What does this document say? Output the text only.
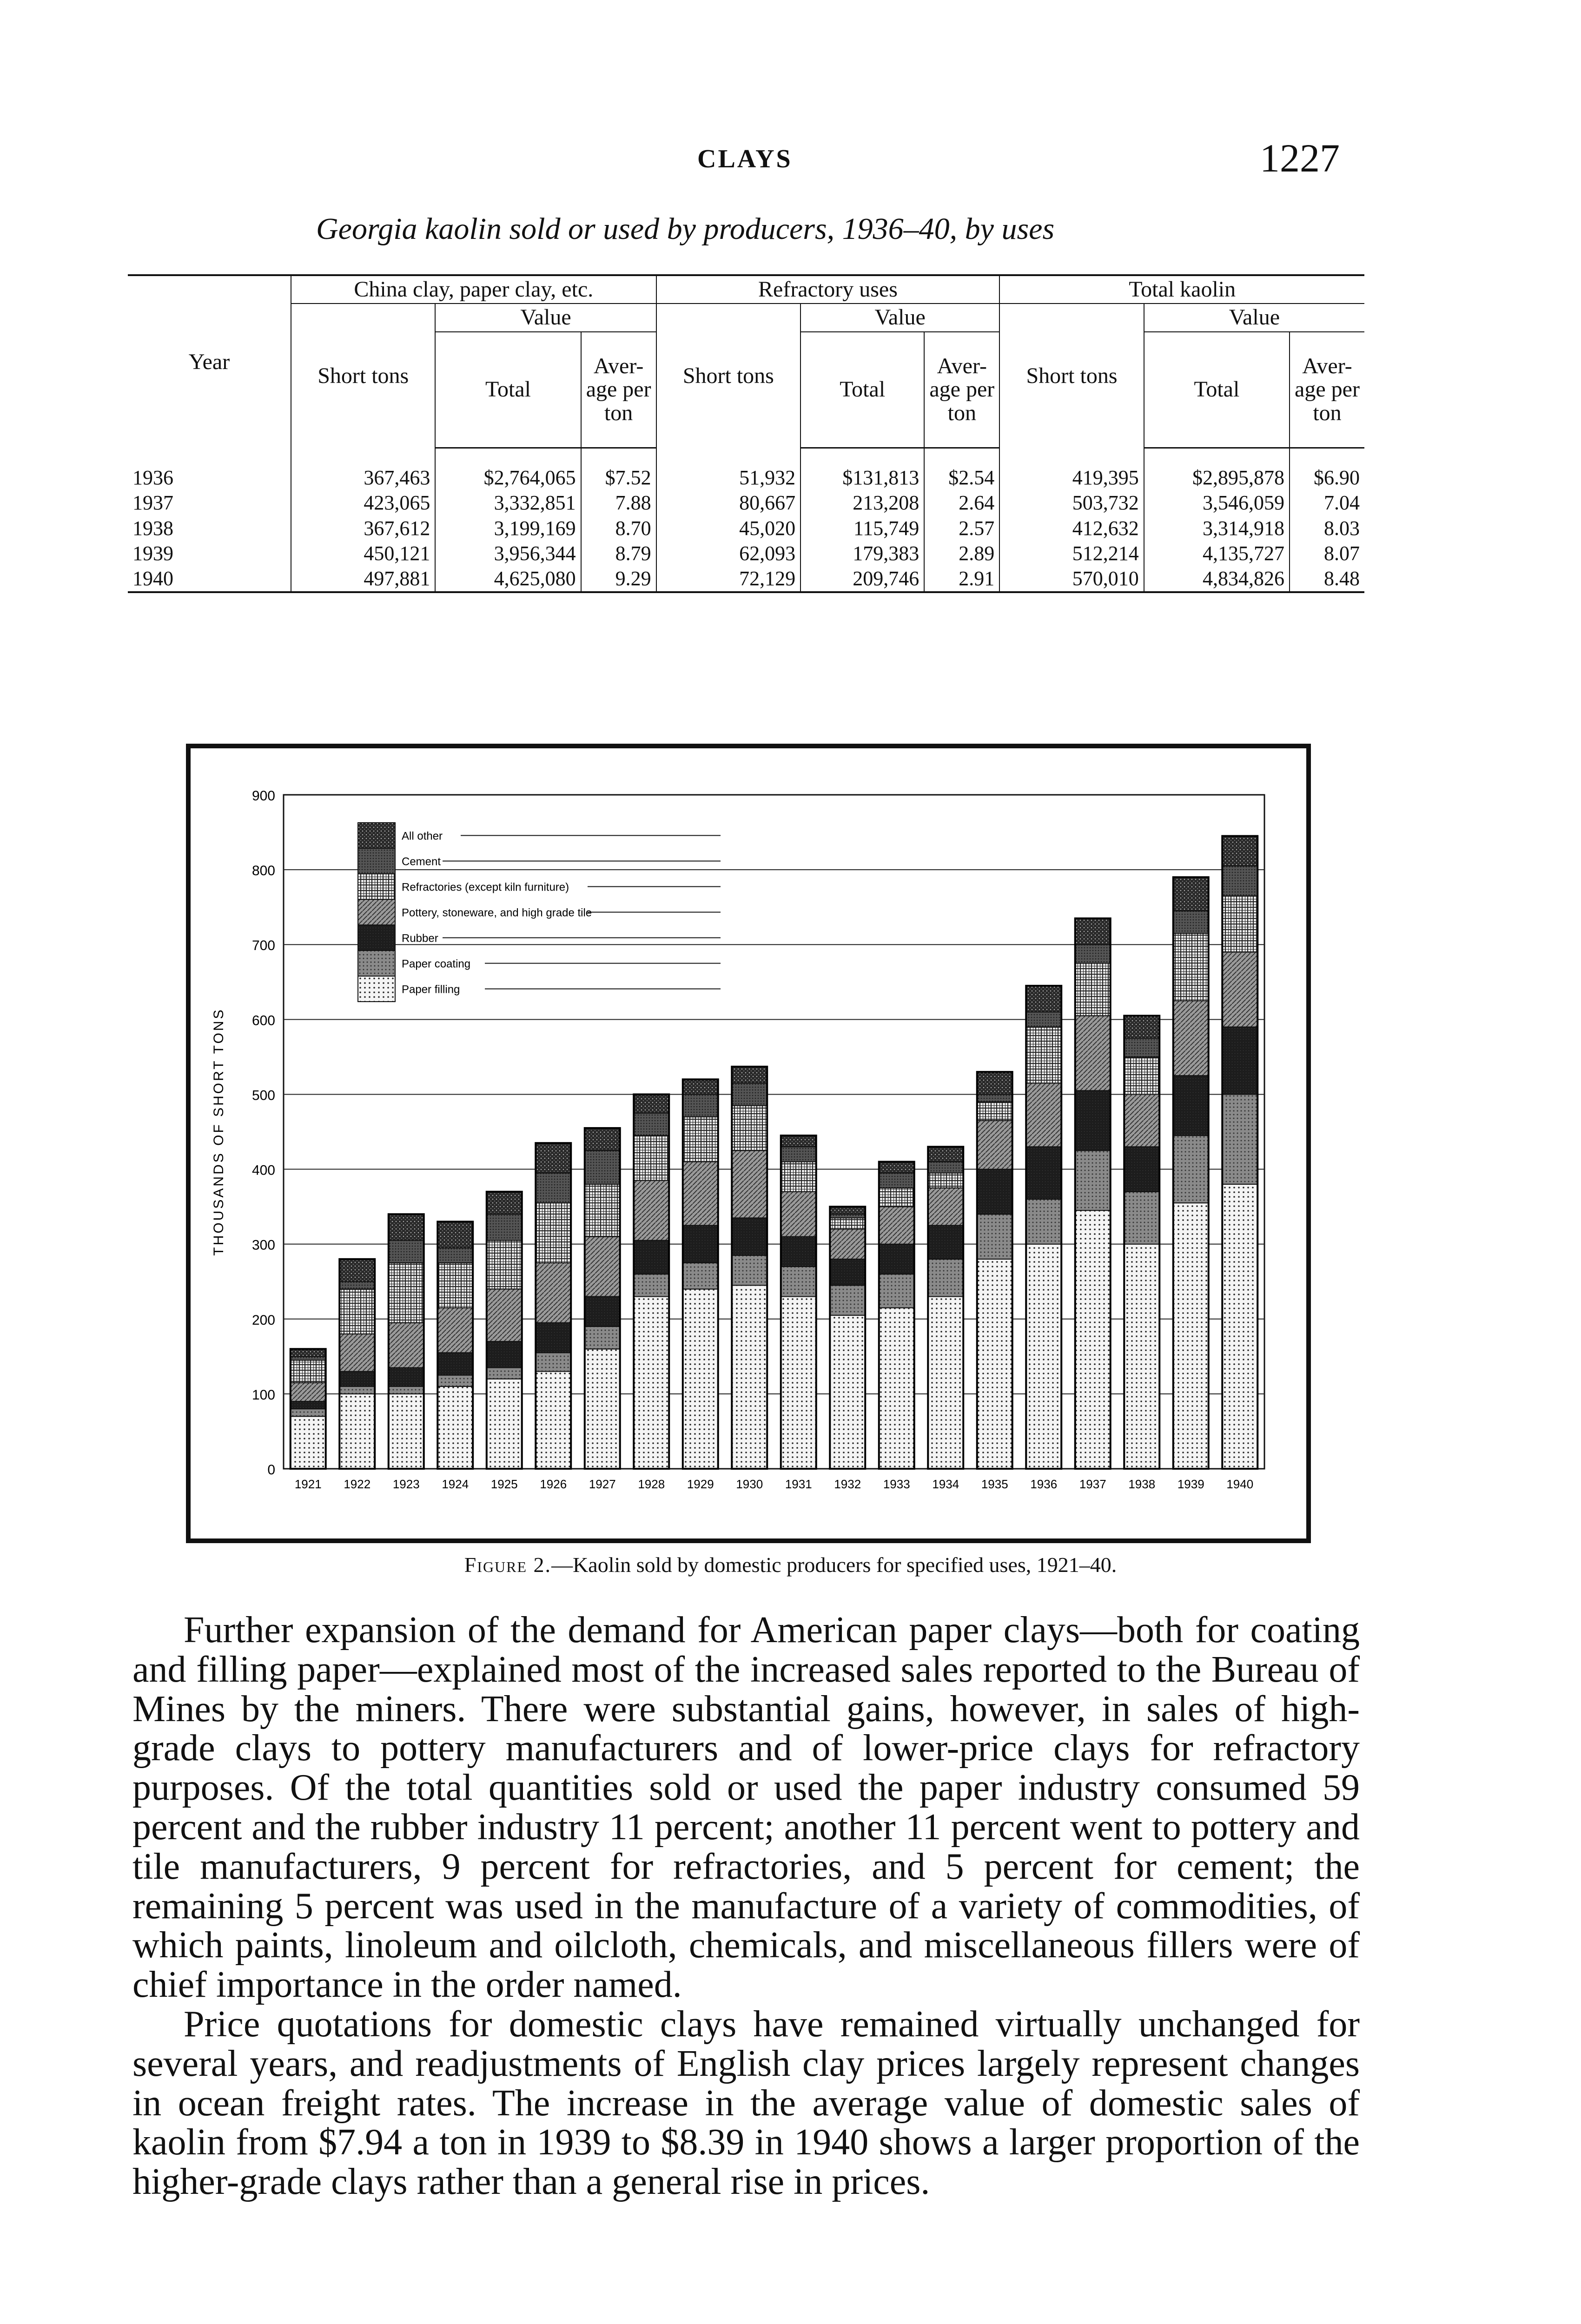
CLAYS	1227
Georgia kaolin sold or used by producers, 1936–40, by uses
Year	China clay, paper clay, etc.			Refractory uses			Total kaolin		
	Short tons	Value		Short tons	Value		Short tons	Value	
		Total	Aver- age per ton		Total	Aver- age per ton		Total	Aver- age per ton
1936	367,463	$2,764,065	$7.52	51,932	$131,813	$2.54	419,395	$2,895,878	$6.90
1937	423,065	3,332,851	7.88	80,667	213,208	2.64	503,732	3,546,059	7.04
1938	367,612	3,199,169	8.70	45,020	115,749	2.57	412,632	3,314,918	8.03
1939	450,121	3,956,344	8.79	62,093	179,383	2.89	512,214	4,135,727	8.07
1940	497,881	4,625,080	9.29	72,129	209,746	2.91	570,010	4,834,826	8.48
0
100
200
300
400
500
600
700
800
900
THOUSANDS OF SHORT TONS
1921 1922 1923 1924 1925 1926 1927 1928 1929 1930 1931 1932 1933 1934 1935 1936 1937 1938 1939 1940
All other
Cement
Refractories (except kiln furniture)
Pottery, stoneware, and high grade tile
Rubber
Paper coating
Paper filling
Figure 2.—Kaolin sold by domestic producers for specified uses, 1921–40.

Further expansion of the demand for American paper clays—both for coating and filling paper—explained most of the increased sales reported to the Bureau of Mines by the miners. There were substantial gains, however, in sales of high-grade clays to pottery manufacturers and of lower-price clays for refractory purposes. Of the total quantities sold or used the paper industry consumed 59 percent and the rubber industry 11 percent; another 11 percent went to pottery and tile manufacturers, 9 percent for refractories, and 5 percent for cement; the remaining 5 percent was used in the manufacture of a variety of commodities, of which paints, linoleum and oilcloth, chemicals, and miscellaneous fillers were of chief importance in the order named.

Price quotations for domestic clays have remained virtually unchanged for several years, and readjustments of English clay prices largely represent changes in ocean freight rates. The increase in the average value of domestic sales of kaolin from $7.94 a ton in 1939 to $8.39 in 1940 shows a larger proportion of the higher-grade clays rather than a general rise in prices.
